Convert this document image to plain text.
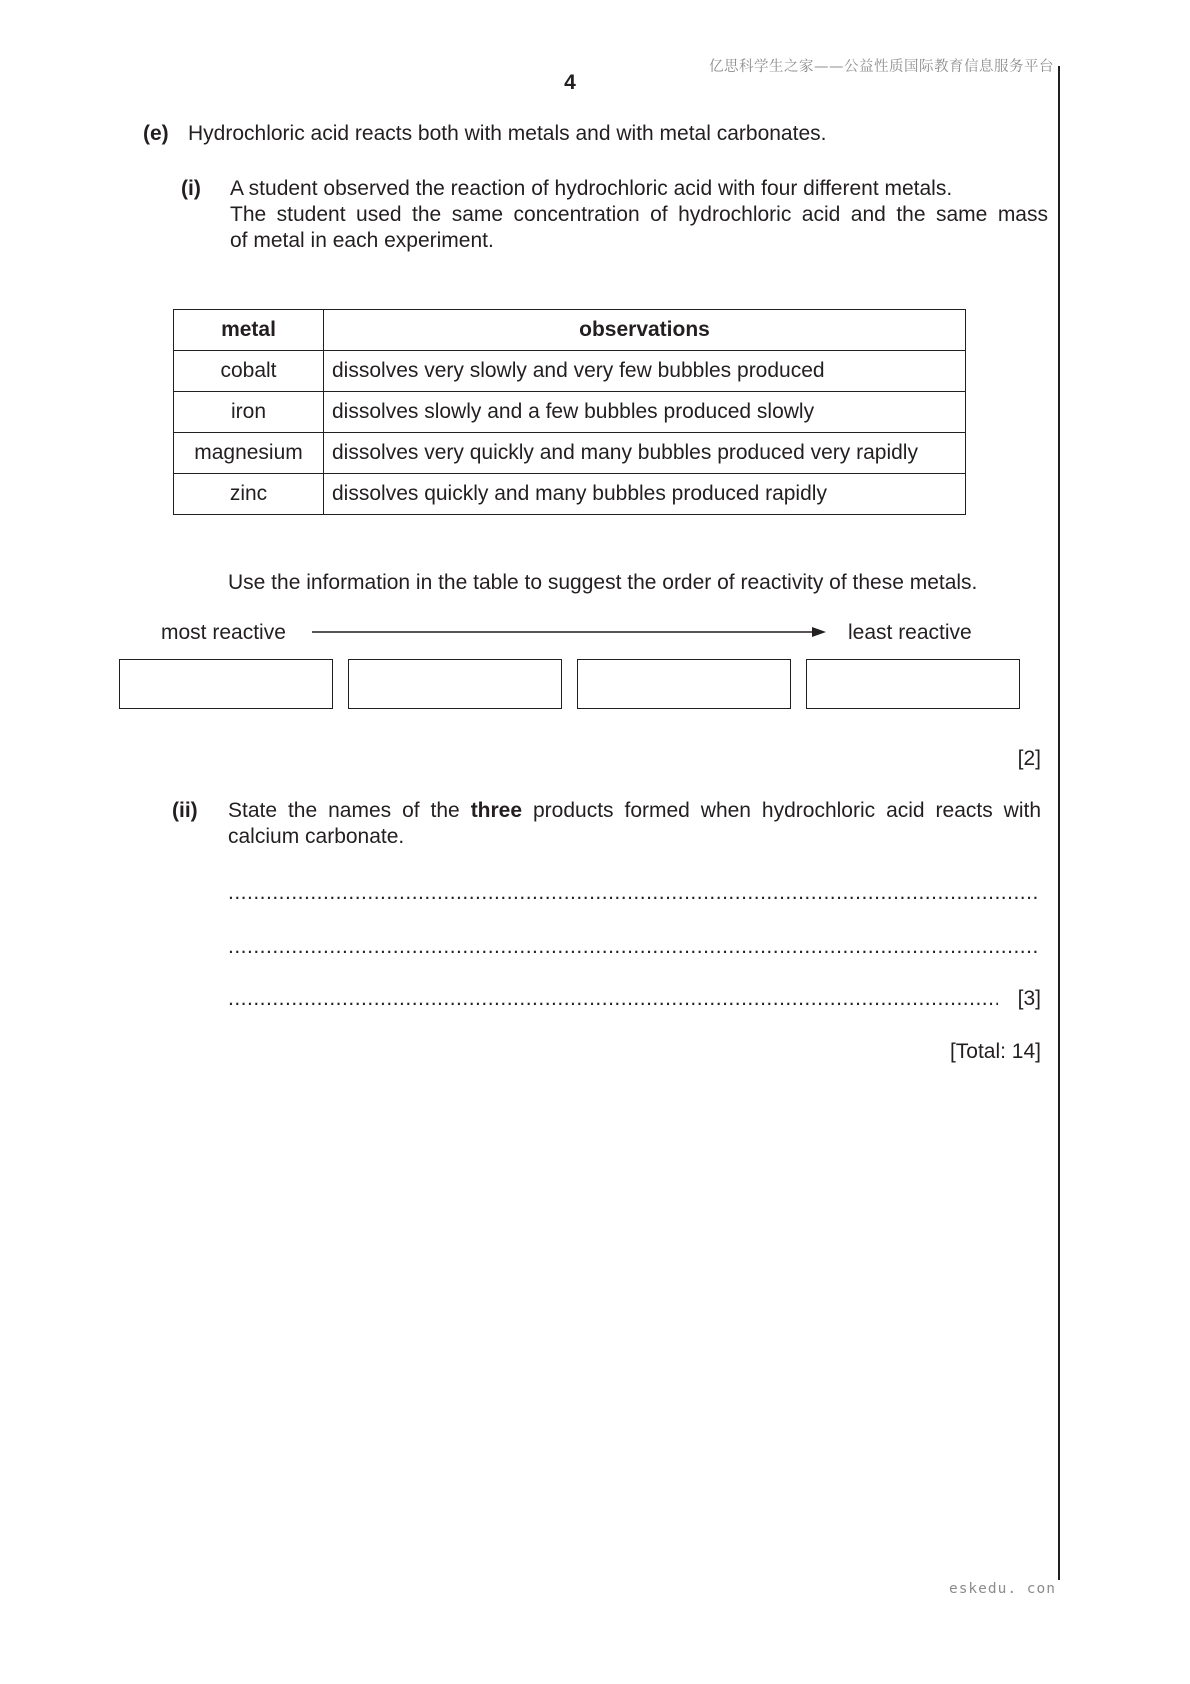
亿思科学生之家——公益性质国际教育信息服务平台
4
(e) Hydrochloric acid reacts both with metals and with metal carbonates.
(i) A student observed the reaction of hydrochloric acid with four different metals.
The student used the same concentration of hydrochloric acid and the same mass
of metal in each experiment.
metal	observations
cobalt	dissolves very slowly and very few bubbles produced
iron	dissolves slowly and a few bubbles produced slowly
magnesium	dissolves very quickly and many bubbles produced very rapidly
zinc	dissolves quickly and many bubbles produced rapidly
Use the information in the table to suggest the order of reactivity of these metals.
most reactive	least reactive
[2]
(ii) State the names of the three products formed when hydrochloric acid reacts with
calcium carbonate.
.....
.....
.....
[3]
[Total: 14]
eskedu. con
